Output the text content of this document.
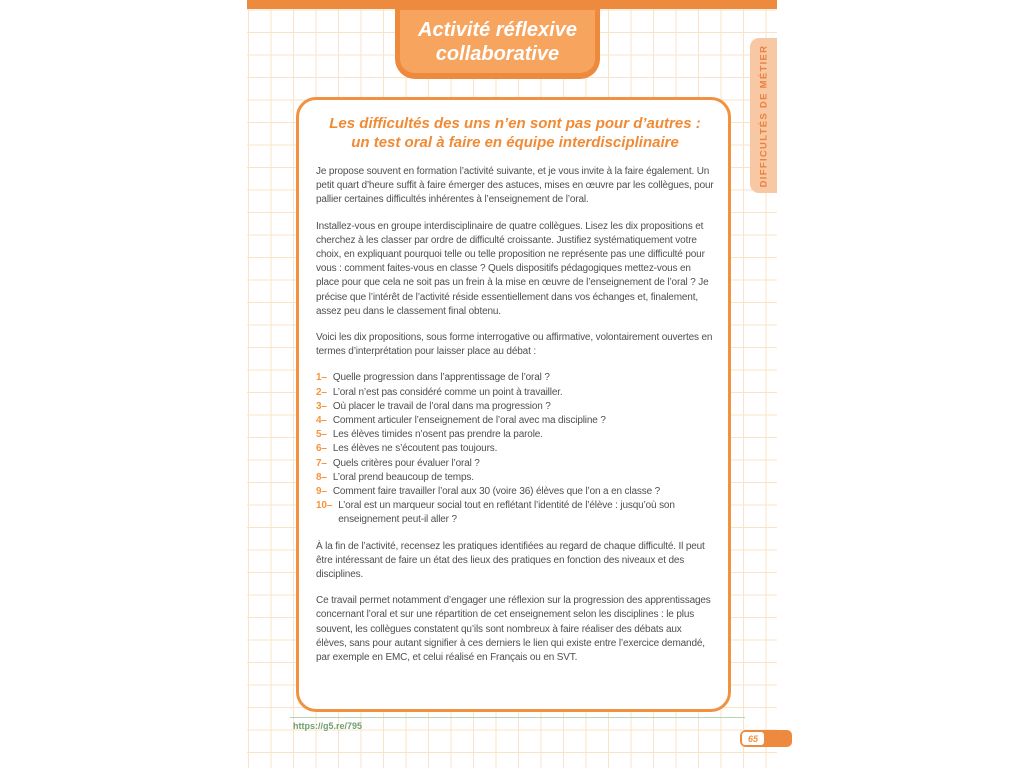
Activité réflexive
collaborative	DIFFICULTÉS DE MÉTIER
Les difficultés des uns n’en sont pas pour d’autres :
un test oral à faire en équipe interdisciplinaire

Je propose souvent en formation l’activité suivante, et je vous invite à la faire également. Un petit quart d’heure suffit à faire émerger des astuces, mises en œuvre par les collègues, pour pallier certaines difficultés inhérentes à l’enseignement de l’oral.

Installez-vous en groupe interdisciplinaire de quatre collègues. Lisez les dix propositions et cherchez à les classer par ordre de difficulté croissante. Justifiez systématiquement votre choix, en expliquant pourquoi telle ou telle proposition ne représente pas une difficulté pour vous : comment faites-vous en classe ? Quels dispositifs pédagogiques mettez-vous en place pour que cela ne soit pas un frein à la mise en œuvre de l’enseignement de l’oral ? Je précise que l’intérêt de l’activité réside essentiellement dans vos échanges et, finalement, assez peu dans le classement final obtenu.

Voici les dix propositions, sous forme interrogative ou affirmative, volontairement ouvertes en termes d’interprétation pour laisser place au débat :

1– Quelle progression dans l’apprentissage de l’oral ?
2– L’oral n’est pas considéré comme un point à travailler.
3– Où placer le travail de l’oral dans ma progression ?
4– Comment articuler l’enseignement de l’oral avec ma discipline ?
5– Les élèves timides n’osent pas prendre la parole.
6– Les élèves ne s’écoutent pas toujours.
7– Quels critères pour évaluer l’oral ?
8– L’oral prend beaucoup de temps.
9– Comment faire travailler l’oral aux 30 (voire 36) élèves que l’on a en classe ?
10– L’oral est un marqueur social tout en reflétant l’identité de l’élève : jusqu’où son enseignement peut-il aller ?

À la fin de l’activité, recensez les pratiques identifiées au regard de chaque difficulté. Il peut être intéressant de faire un état des lieux des pratiques en fonction des niveaux et des disciplines.

Ce travail permet notamment d’engager une réflexion sur la progression des apprentissages concernant l’oral et sur une répartition de cet enseignement selon les disciplines : le plus souvent, les collègues constatent qu’ils sont nombreux à faire réaliser des débats aux élèves, sans pour autant signifier à ces derniers le lien qui existe entre l’exercice demandé, par exemple en EMC, et celui réalisé en Français ou en SVT.

https://g5.re/795
65
